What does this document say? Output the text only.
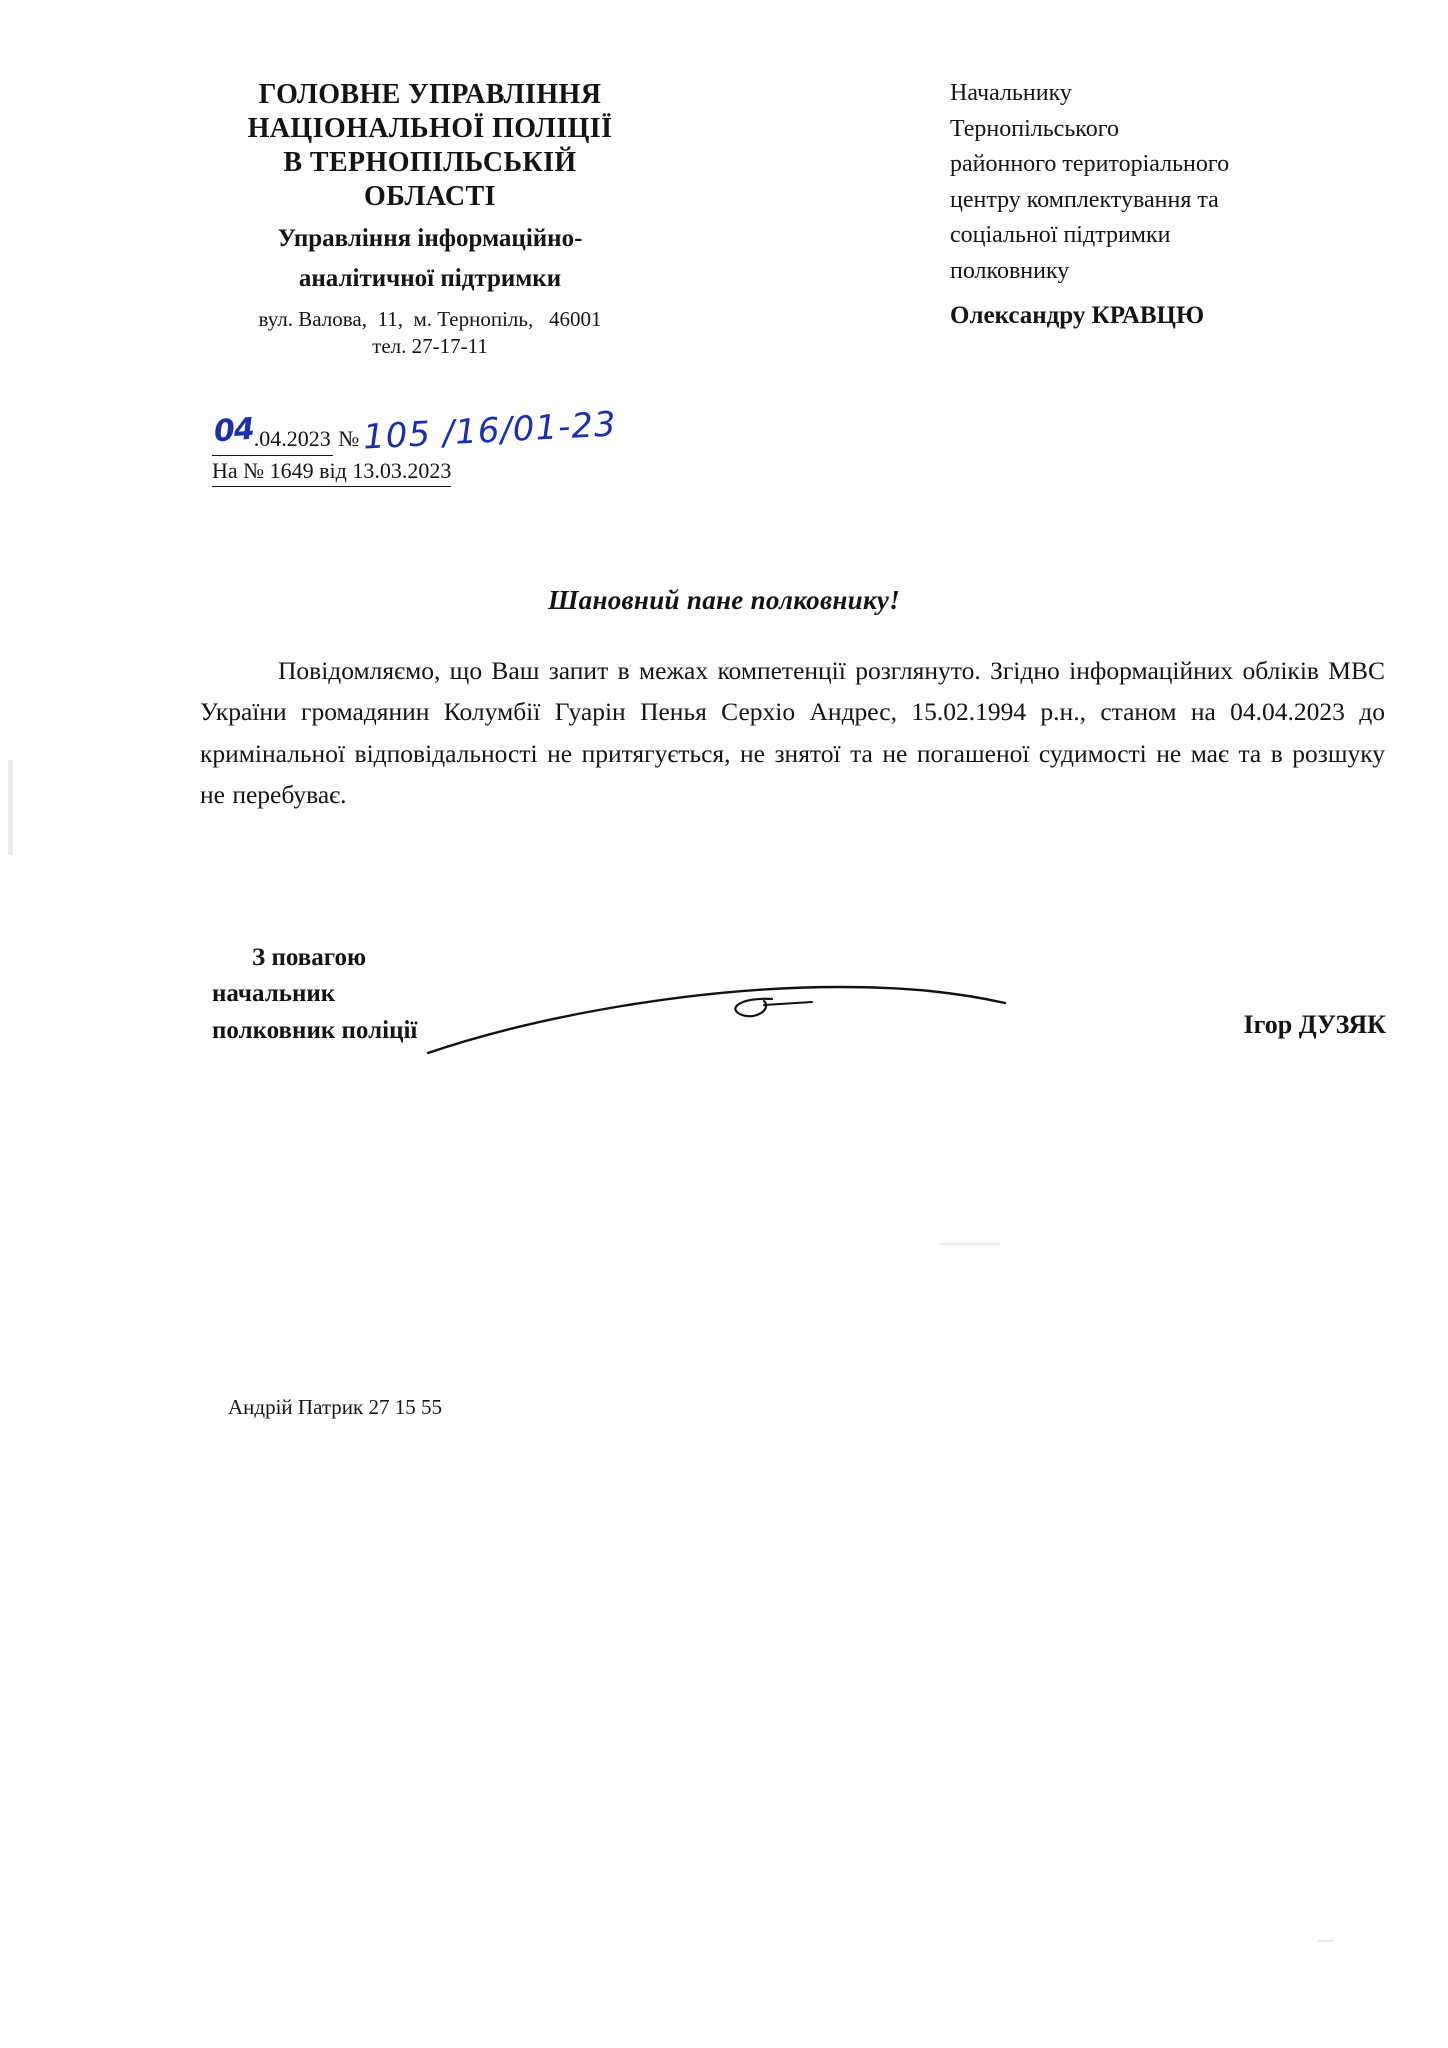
ГОЛОВНЕ УПРАВЛІННЯ
НАЦІОНАЛЬНОЇ ПОЛІЦІЇ
В ТЕРНОПІЛЬСЬКІЙ
ОБЛАСТІ
Управління інформаційно-
аналітичної підтримки
вул. Валова,  11,  м. Тернопіль,   46001
тел. 27-17-11
04.04.2023 №105 /16/01-23
На № 1649 від 13.03.2023
Начальнику
Тернопільського
районного територіального
центру комплектування та
соціальної підтримки
полковнику
Олександру КРАВЦЮ
Шановний пане полковнику!
Повідомляємо, що Ваш запит в межах компетенції розглянуто. Згідно інформаційних обліків МВС України громадянин Колумбії Гуарін Пенья Серхіо Андрес, 15.02.1994 р.н., станом на 04.04.2023 до кримінальної відповідальності не притягується, не знятої та не погашеної судимості не має та в розшуку не перебуває.
З повагою
начальник
полковник поліції	Ігор ДУЗЯК
Андрій Патрик 27 15 55
